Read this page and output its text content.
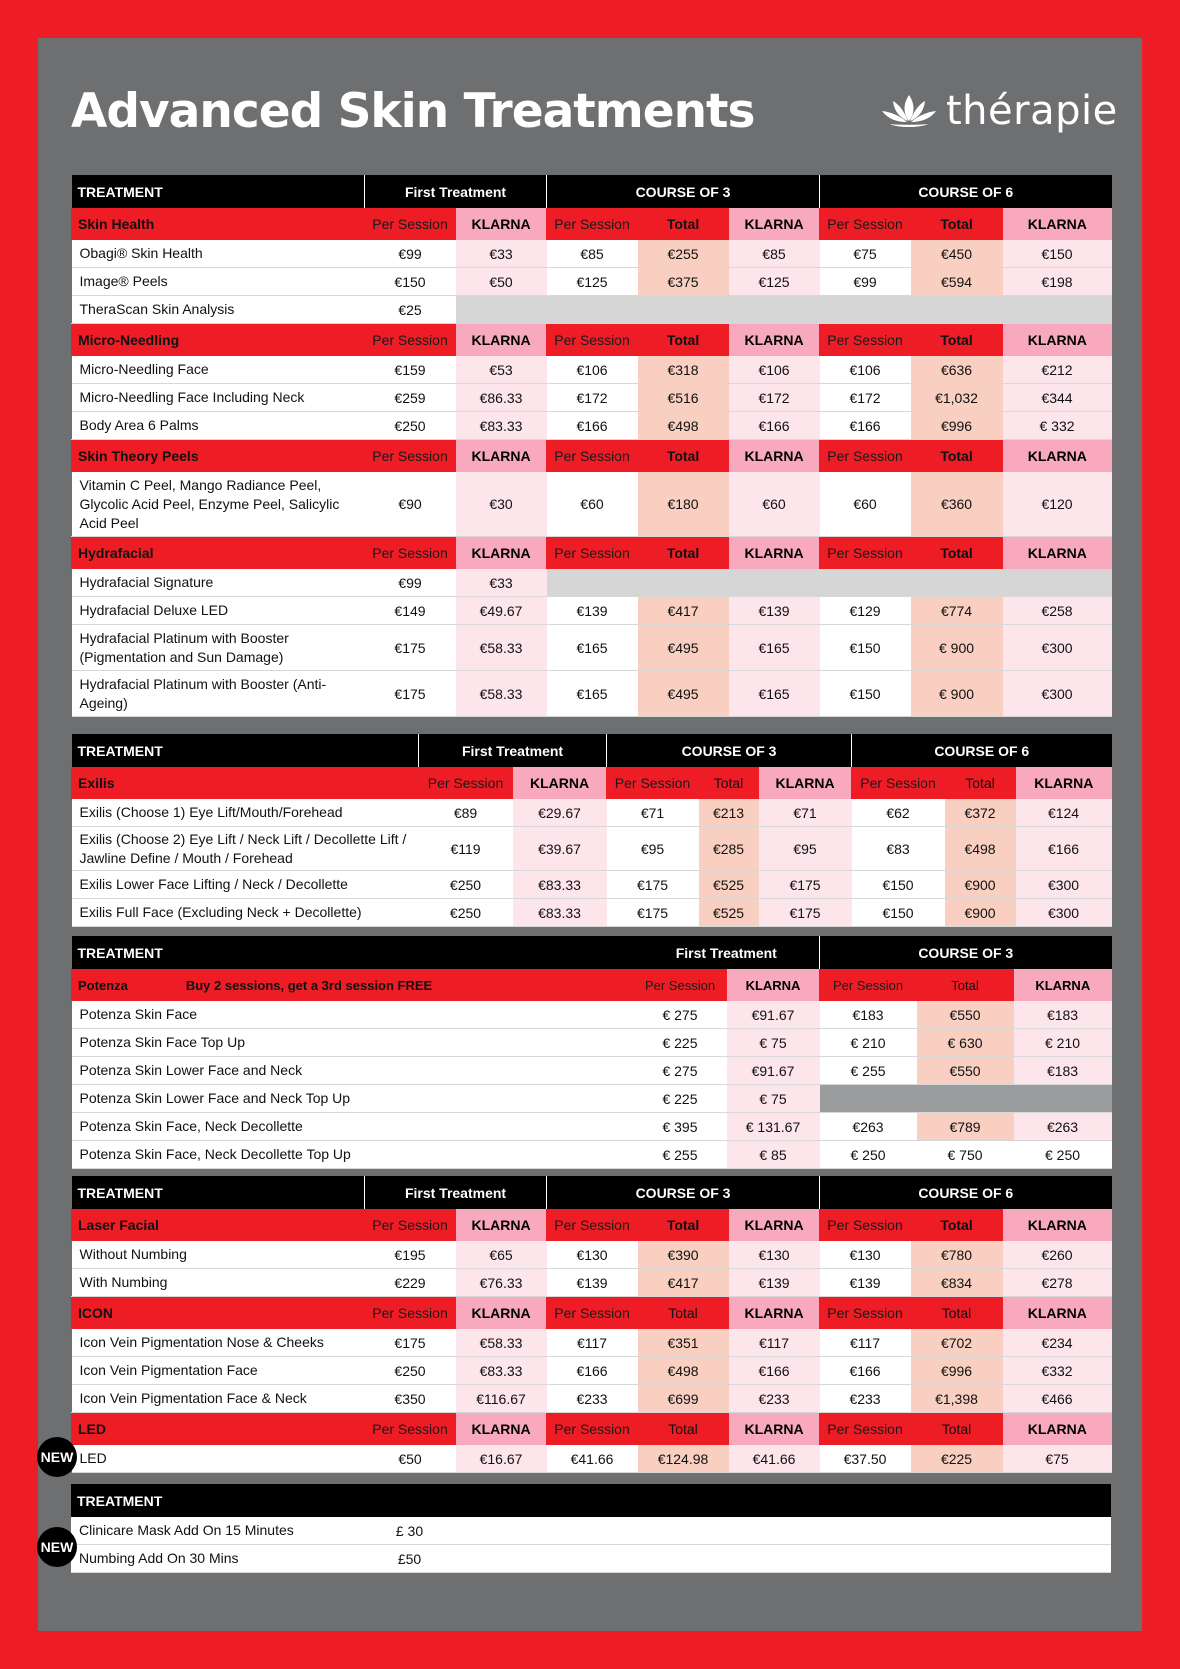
Advanced Skin Treatments	thérapie
TREATMENT	First Treatment		COURSE OF 3			COURSE OF 6		
Skin Health	Per Session	KLARNA	Per Session	Total	KLARNA	Per Session	Total	KLARNA
Obagi® Skin Health	€99	€33	€85	€255	€85	€75	€450	€150
Image® Peels	€150	€50	€125	€375	€125	€99	€594	€198
TheraScan Skin Analysis	€25							
Micro-Needling	Per Session	KLARNA	Per Session	Total	KLARNA	Per Session	Total	KLARNA
Micro-Needling Face	€159	€53	€106	€318	€106	€106	€636	€212
Micro-Needling Face Including Neck	€259	€86.33	€172	€516	€172	€172	€1,032	€344
Body Area 6 Palms	€250	€83.33	€166	€498	€166	€166	€996	€ 332
Skin Theory Peels	Per Session	KLARNA	Per Session	Total	KLARNA	Per Session	Total	KLARNA
Vitamin C Peel, Mango Radiance Peel, Glycolic Acid Peel, Enzyme Peel, Salicylic Acid Peel	€90	€30	€60	€180	€60	€60	€360	€120
Hydrafacial	Per Session	KLARNA	Per Session	Total	KLARNA	Per Session	Total	KLARNA
Hydrafacial Signature	€99	€33						
Hydrafacial Deluxe LED	€149	€49.67	€139	€417	€139	€129	€774	€258
Hydrafacial Platinum with Booster (Pigmentation and Sun Damage)	€175	€58.33	€165	€495	€165	€150	€ 900	€300
Hydrafacial Platinum with Booster (Anti-Ageing)	€175	€58.33	€165	€495	€165	€150	€ 900	€300
TREATMENT	First Treatment		COURSE OF 3			COURSE OF 6		
Exilis	Per Session	KLARNA	Per Session	Total	KLARNA	Per Session	Total	KLARNA
Exilis (Choose 1) Eye Lift/Mouth/Forehead	€89	€29.67	€71	€213	€71	€62	€372	€124
Exilis (Choose 2) Eye Lift / Neck Lift / Decollette Lift / Jawline Define / Mouth / Forehead	€119	€39.67	€95	€285	€95	€83	€498	€166
Exilis Lower Face Lifting / Neck / Decollette	€250	€83.33	€175	€525	€175	€150	€900	€300
Exilis Full Face (Excluding Neck + Decollette)	€250	€83.33	€175	€525	€175	€150	€900	€300
TREATMENT	First Treatment		COURSE OF 3		
Potenza Buy 2 sessions, get a 3rd session FREE	Per Session	KLARNA	Per Session	Total	KLARNA
Potenza Skin Face	€ 275	€91.67	€183	€550	€183
Potenza Skin Face Top Up	€ 225	€ 75	€ 210	€ 630	€ 210
Potenza Skin Lower Face and Neck	€ 275	€91.67	€ 255	€550	€183
Potenza Skin Lower Face and Neck Top Up	€ 225	€ 75			
Potenza Skin Face, Neck Decollette	€ 395	€ 131.67	€263	€789	€263
Potenza Skin Face, Neck Decollette Top Up	€ 255	€ 85	€ 250	€ 750	€ 250
TREATMENT	First Treatment		COURSE OF 3			COURSE OF 6		
Laser Facial	Per Session	KLARNA	Per Session	Total	KLARNA	Per Session	Total	KLARNA
Without Numbing	€195	€65	€130	€390	€130	€130	€780	€260
With Numbing	€229	€76.33	€139	€417	€139	€139	€834	€278
ICON	Per Session	KLARNA	Per Session	Total	KLARNA	Per Session	Total	KLARNA
Icon Vein Pigmentation Nose & Cheeks	€175	€58.33	€117	€351	€117	€117	€702	€234
Icon Vein Pigmentation Face	€250	€83.33	€166	€498	€166	€166	€996	€332
Icon Vein Pigmentation Face & Neck	€350	€116.67	€233	€699	€233	€233	€1,398	€466
LED	Per Session	KLARNA	Per Session	Total	KLARNA	Per Session	Total	KLARNA
LED	€50	€16.67	€41.66	€124.98	€41.66	€37.50	€225	€75
TREATMENT		
Clinicare Mask Add On 15 Minutes	£ 30	
Numbing Add On 30 Mins	£50	
NEW
NEW
